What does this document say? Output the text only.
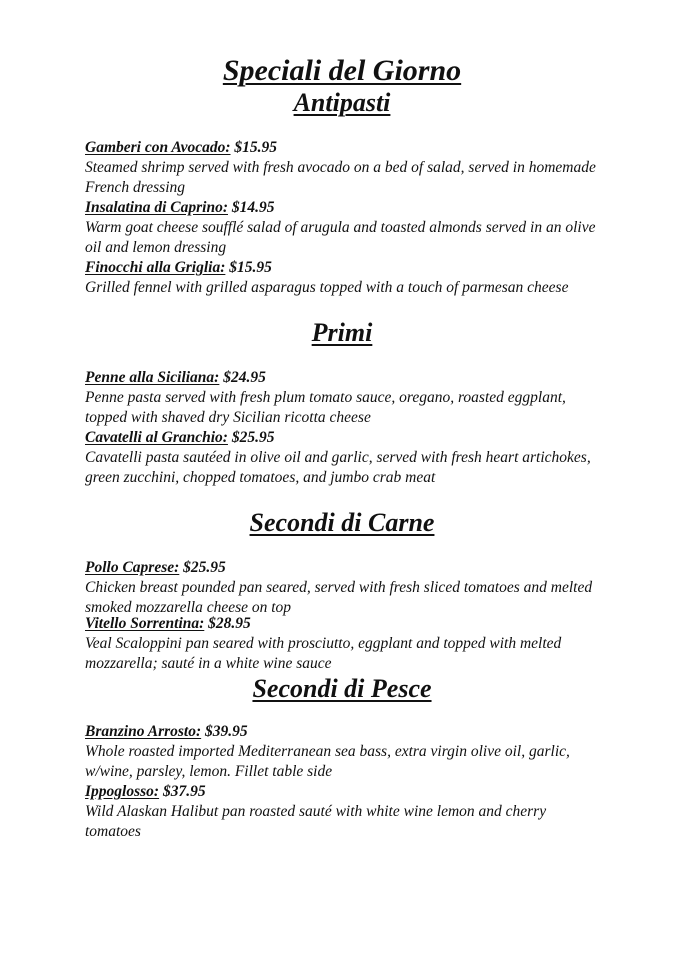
Speciali del Giorno
Antipasti
Gamberi con Avocado: $15.95
Steamed shrimp served with fresh avocado on a bed of salad, served in homemade French dressing
Insalatina di Caprino: $14.95
Warm goat cheese soufflé salad of arugula and toasted almonds served in an olive oil and lemon dressing
Finocchi alla Griglia: $15.95
Grilled fennel with grilled asparagus topped with a touch of parmesan cheese
Primi
Penne alla Siciliana: $24.95
Penne pasta served with fresh plum tomato sauce, oregano, roasted eggplant, topped with shaved dry Sicilian ricotta cheese
Cavatelli al Granchio: $25.95
Cavatelli pasta sautéed in olive oil and garlic, served with fresh heart artichokes, green zucchini, chopped tomatoes, and jumbo crab meat
Secondi di Carne
Pollo Caprese: $25.95
Chicken breast pounded pan seared, served with fresh sliced tomatoes and melted smoked mozzarella cheese on top
Vitello Sorrentina: $28.95
Veal Scaloppini pan seared with prosciutto, eggplant and topped with melted mozzarella; sauté in a white wine sauce
Secondi di Pesce
Branzino Arrosto: $39.95
Whole roasted imported Mediterranean sea bass, extra virgin olive oil, garlic, w/wine, parsley, lemon. Fillet table side
Ippoglosso: $37.95
Wild Alaskan Halibut pan roasted sauté with white wine lemon and cherry tomatoes
